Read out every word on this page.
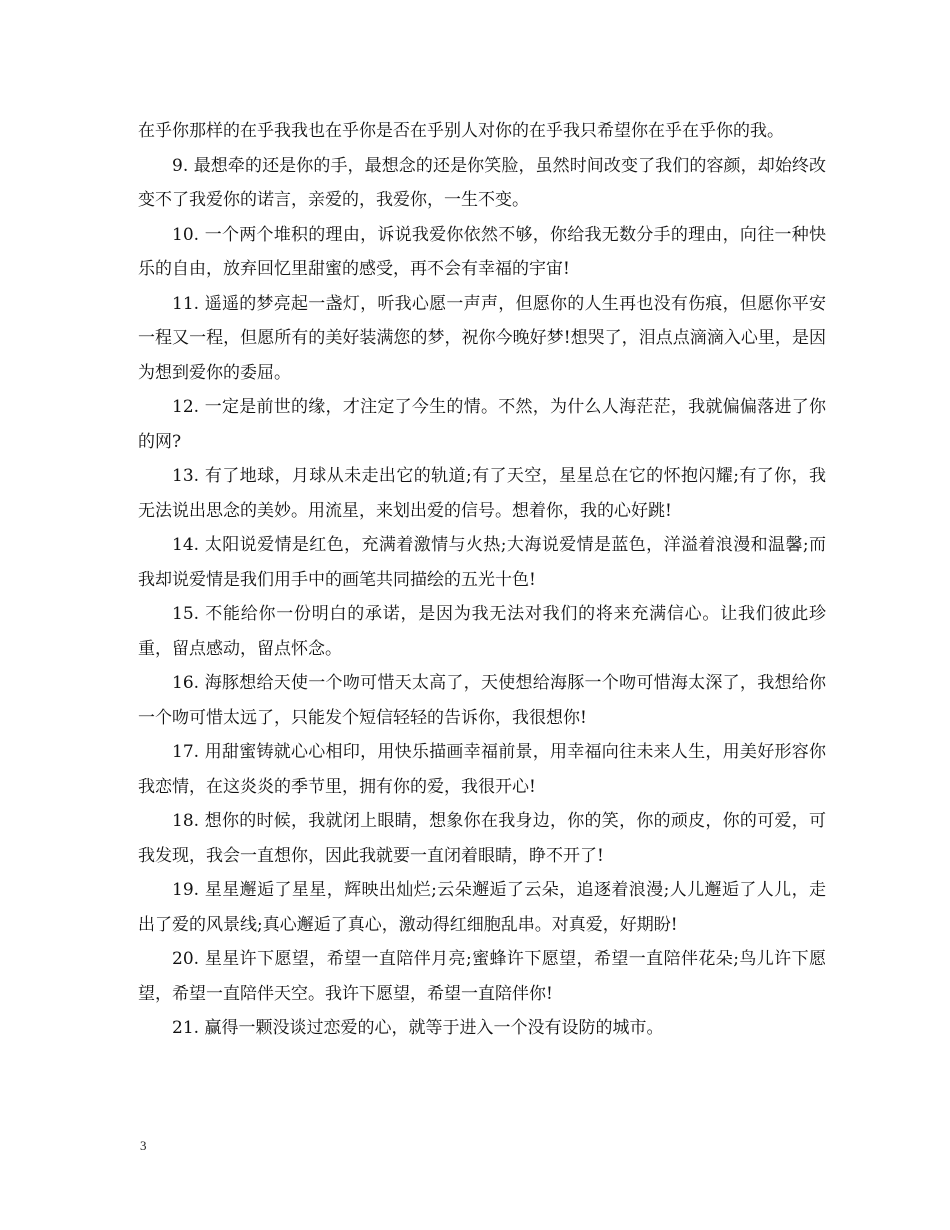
在乎你那样的在乎我我也在乎你是否在乎别人对你的在乎我只希望你在乎在乎你的我。

9. 最想牵的还是你的手，最想念的还是你笑脸，虽然时间改变了我们的容颜，却始终改变不了我爱你的诺言，亲爱的，我爱你，一生不变。

10. 一个两个堆积的理由，诉说我爱你依然不够，你给我无数分手的理由，向往一种快乐的自由，放弃回忆里甜蜜的感受，再不会有幸福的宇宙!

11. 遥遥的梦亮起一盏灯，听我心愿一声声，但愿你的人生再也没有伤痕，但愿你平安一程又一程，但愿所有的美好装满您的梦，祝你今晚好梦!想哭了，泪点点滴滴入心里，是因为想到爱你的委屈。

12. 一定是前世的缘，才注定了今生的情。不然，为什么人海茫茫，我就偏偏落进了你的网?

13. 有了地球，月球从未走出它的轨道;有了天空，星星总在它的怀抱闪耀;有了你，我无法说出思念的美妙。用流星，来划出爱的信号。想着你，我的心好跳!

14. 太阳说爱情是红色，充满着激情与火热;大海说爱情是蓝色，洋溢着浪漫和温馨;而我却说爱情是我们用手中的画笔共同描绘的五光十色!

15. 不能给你一份明白的承诺，是因为我无法对我们的将来充满信心。让我们彼此珍重，留点感动，留点怀念。

16. 海豚想给天使一个吻可惜天太高了，天使想给海豚一个吻可惜海太深了，我想给你一个吻可惜太远了，只能发个短信轻轻的告诉你，我很想你!

17. 用甜蜜铸就心心相印，用快乐描画幸福前景，用幸福向往未来人生，用美好形容你我恋情，在这炎炎的季节里，拥有你的爱，我很开心!

18. 想你的时候，我就闭上眼睛，想象你在我身边，你的笑，你的顽皮，你的可爱，可我发现，我会一直想你，因此我就要一直闭着眼睛，睁不开了!

19. 星星邂逅了星星，辉映出灿烂;云朵邂逅了云朵，追逐着浪漫;人儿邂逅了人儿，走出了爱的风景线;真心邂逅了真心，激动得红细胞乱串。对真爱，好期盼!

20. 星星许下愿望，希望一直陪伴月亮;蜜蜂许下愿望，希望一直陪伴花朵;鸟儿许下愿望，希望一直陪伴天空。我许下愿望，希望一直陪伴你!

21. 赢得一颗没谈过恋爱的心，就等于进入一个没有设防的城市。

3
